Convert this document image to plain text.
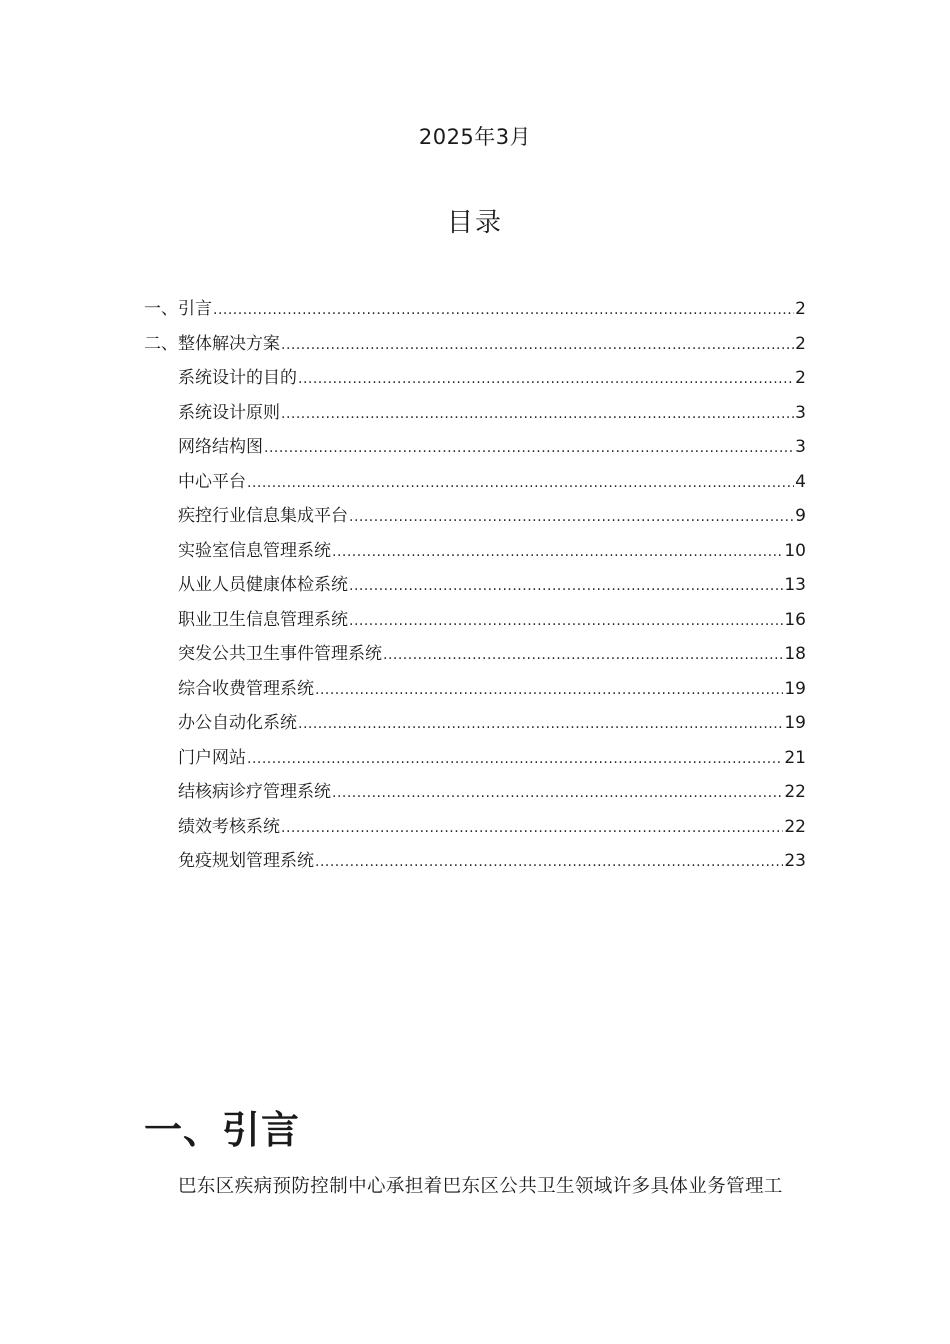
2025年3月
目录
一、引言 .....	2
二、整体解决方案 .....	2
系统设计的目的 .....	2
系统设计原则 .....	3
网络结构图 .....	3
中心平台 .....	4
疾控行业信息集成平台 .....	9
实验室信息管理系统 .....	10
从业人员健康体检系统 .....	13
职业卫生信息管理系统 .....	16
突发公共卫生事件管理系统 .....	18
综合收费管理系统 .....	19
办公自动化系统 .....	19
门户网站 .....	21
结核病诊疗管理系统 .....	22
绩效考核系统 .....	22
免疫规划管理系统 .....	23
一、引言

巴东区疾病预防控制中心承担着巴东区公共卫生领域许多具体业务管理工
